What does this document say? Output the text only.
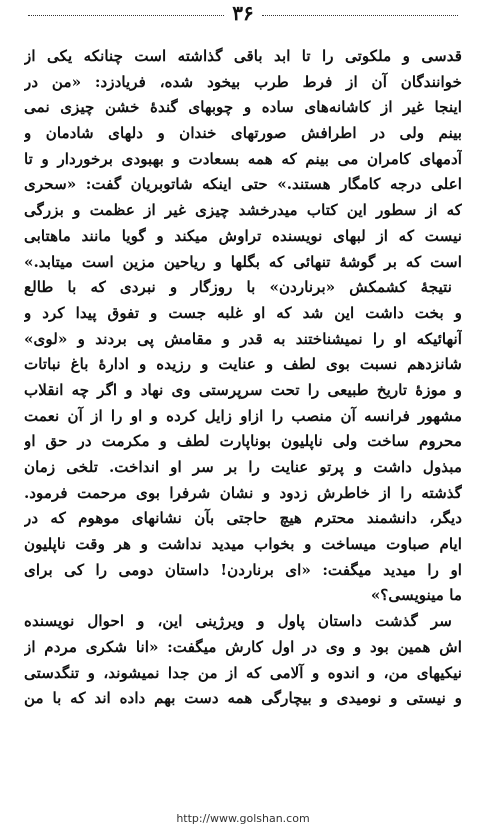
۳۶
قدسی و ملکوتی را تا ابد باقی گذاشته است چنانکه یکی از
خوانندگان آن از فرط طرب بیخود شده، فریادزد: «من در
اینجا غیر از کاشانه‌های ساده و چوبهای گندهٔ خشن چیزی نمی
بینم ولی در اطرافش صورتهای خندان و دلهای شادمان و
آدمهای کامران می بینم که همه بسعادت و بهبودی برخوردار و تا
اعلی درجه کامگار هستند.» حتی اینکه شاتوبریان گفت: «سحری
که از سطور این کتاب میدرخشد چیزی غیر از عظمت و بزرگی
نیست که از لبهای نویسنده تراوش میکند و گویا مانند ماهتابی
است که بر گوشهٔ تنهائی که بگلها و ریاحین مزین است میتابد.»
نتیجهٔ کشمکش «برناردن» با روزگار و نبردی که با طالع
و بخت داشت این شد که او غلبه جست و تفوق پیدا کرد و
آنهائیکه او را نمیشناختند به قدر و مقامش پی بردند و «لوی»
شانزدهم نسبت بوی لطف و عنایت و رزیده و ادارهٔ باغ نباتات
و موزهٔ تاریخ طبیعی را تحت سرپرستی وی نهاد و اگر چه انقلاب
مشهور فرانسه آن منصب را ازاو زایل کرده و او را از آن نعمت
محروم ساخت ولی ناپلیون بوناپارت لطف و مکرمت در حق او
مبذول داشت و پرتو عنایت را بر سر او انداخت. تلخی زمان
گذشته را از خاطرش زدود و نشان شرفرا بوی مرحمت فرمود.
دیگر، دانشمند محترم هیچ حاجتی بآن نشانهای موهوم که در
ایام صباوت میساخت و بخواب میدید نداشت و هر وقت ناپلیون
او را میدید میگفت: «ای برناردن! داستان دومی را کی برای
ما مینویسی؟»
سر گذشت داستان پاول و ویرژینی این، و احوال نویسنده
اش همین بود و وی در اول کارش میگفت: «انا شکری مردم از
نیکیهای من، و اندوه و آلامی که از من جدا نمیشوند، و تنگدستی
و نیستی و نومیدی و بیچارگی همه دست بهم داده اند که با من
http://www.golshan.com
